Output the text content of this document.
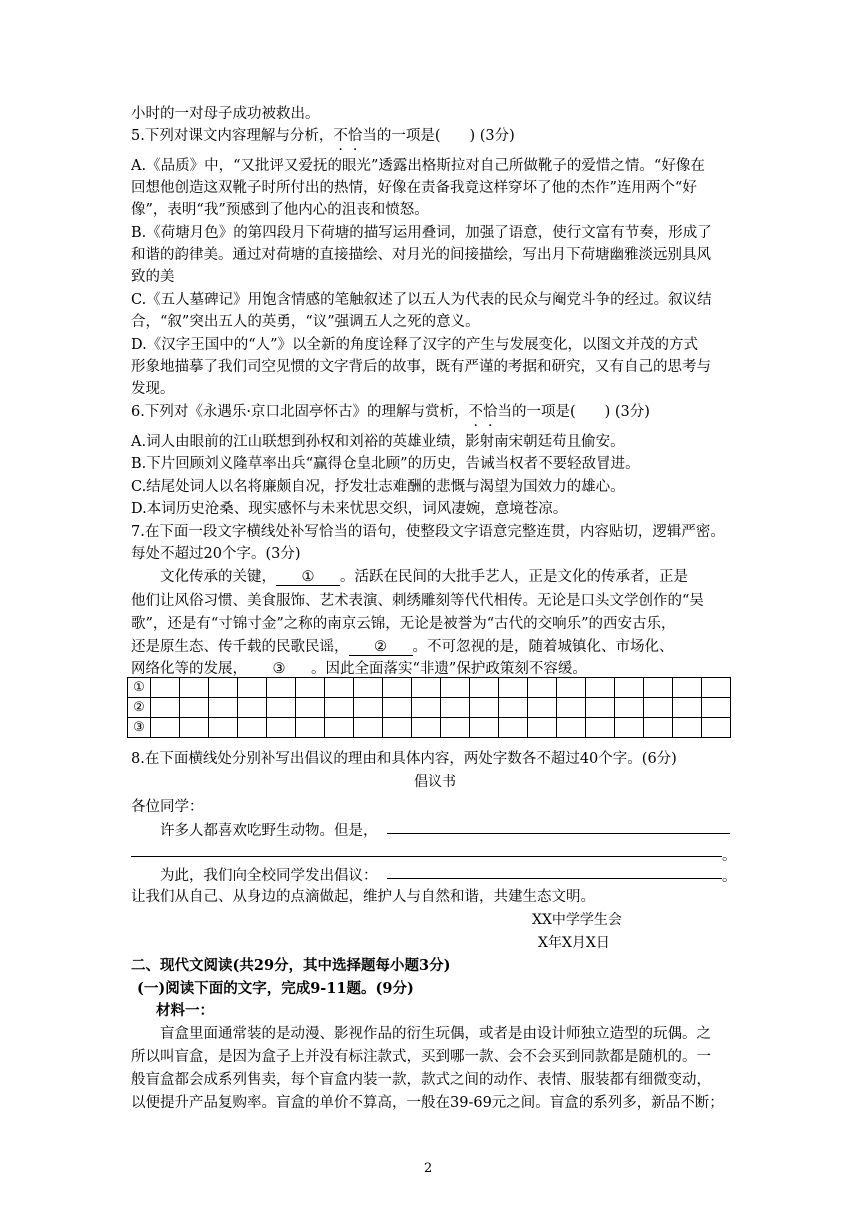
小时的一对母子成功被救出。
5.下列对课文内容理解与分析，不恰当的一项是(　　) (3分)
A.《品质》中，“又批评又爱抚的眼光”透露出格斯拉对自己所做靴子的爱惜之情。“好像在
回想他创造这双靴子时所付出的热情，好像在责备我竟这样穿坏了他的杰作”连用两个“好
像”，表明“我”预感到了他内心的沮丧和愤怒。
B.《荷塘月色》的第四段月下荷塘的描写运用叠词，加强了语意，使行文富有节奏，形成了
和谐的韵律美。通过对荷塘的直接描绘、对月光的间接描绘，写出月下荷塘幽雅淡远别具风
致的美
C.《五人墓碑记》用饱含情感的笔触叙述了以五人为代表的民众与阉党斗争的经过。叙议结
合，“叙”突出五人的英勇，“议”强调五人之死的意义。
D.《汉字王国中的“人”》以全新的角度诠释了汉字的产生与发展变化，以图文并茂的方式
形象地描摹了我们司空见惯的文字背后的故事，既有严谨的考据和研究，又有自己的思考与
发现。
6.下列对《永遇乐·京口北固亭怀古》的理解与赏析，不恰当的一项是(　　) (3分)
A.词人由眼前的江山联想到孙权和刘裕的英雄业绩，影射南宋朝廷苟且偷安。
B.下片回顾刘义隆草率出兵“赢得仓皇北顾”的历史，告诫当权者不要轻敌冒进。
C.结尾处词人以名将廉颇自况，抒发壮志难酬的悲慨与渴望为国效力的雄心。
D.本词历史沧桑、现实感怀与未来忧思交织，词风凄婉，意境苍凉。
7.在下面一段文字横线处补写恰当的语句，使整段文字语意完整连贯，内容贴切，逻辑严密。
每处不超过20个字。(3分)
文化传承的关键， ① 。活跃在民间的大批手艺人，正是文化的传承者，正是
他们让风俗习惯、美食服饰、艺术表演、刺绣雕刻等代代相传。无论是口头文学创作的“吴
歌”，还是有“寸锦寸金”之称的南京云锦，无论是被誉为“古代的交响乐”的西安古乐，
还是原生态、传千载的民歌民谣， ② 。不可忽视的是，随着城镇化、市场化、
网络化等的发展， ③ 。因此全面落实“非遗”保护政策刻不容缓。
①																				
②																				
③																				
8.在下面横线处分别补写出倡议的理由和具体内容，两处字数各不超过40个字。(6分)
倡议书
各位同学：
许多人都喜欢吃野生动物。但是，
。
为此，我们向全校同学发出倡议：	。
让我们从自己、从身边的点滴做起，维护人与自然和谐，共建生态文明。
XX中学学生会
X年X月X日
二、现代文阅读(共29分，其中选择题每小题3分)
(一)阅读下面的文字，完成9-11题。(9分)
材料一：
盲盒里面通常装的是动漫、影视作品的衍生玩偶，或者是由设计师独立造型的玩偶。之
所以叫盲盒，是因为盒子上并没有标注款式，买到哪一款、会不会买到同款都是随机的。一
般盲盒都会成系列售卖，每个盲盒内装一款，款式之间的动作、表情、服装都有细微变动，
以便提升产品复购率。盲盒的单价不算高，一般在39-69元之间。盲盒的系列多，新品不断；
2
